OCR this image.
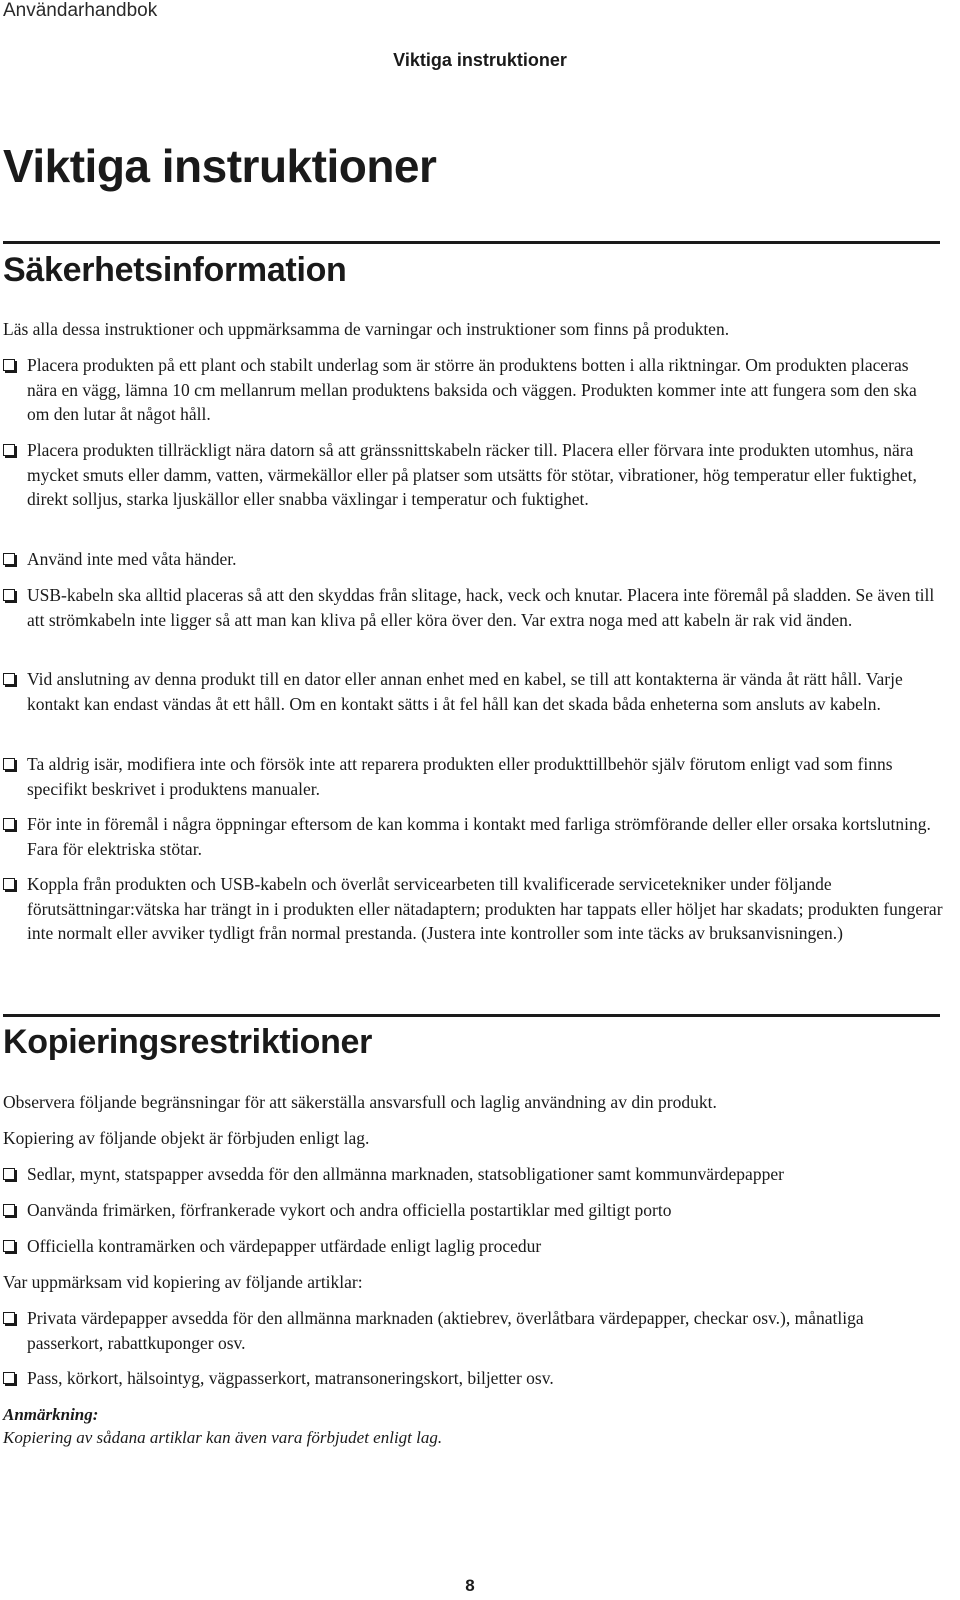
Användarhandbok
Viktiga instruktioner
Viktiga instruktioner
Säkerhetsinformation
Läs alla dessa instruktioner och uppmärksamma de varningar och instruktioner som finns på produkten.
Placera produkten på ett plant och stabilt underlag som är större än produktens botten i alla riktningar. Om produkten placeras nära en vägg, lämna 10 cm mellanrum mellan produktens baksida och väggen. Produkten kommer inte att fungera som den ska om den lutar åt något håll.
Placera produkten tillräckligt nära datorn så att gränssnittskabeln räcker till. Placera eller förvara inte produkten utomhus, nära mycket smuts eller damm, vatten, värmekällor eller på platser som utsätts för stötar, vibrationer, hög temperatur eller fuktighet, direkt solljus, starka ljuskällor eller snabba växlingar i temperatur och fuktighet.
Använd inte med våta händer.
USB-kabeln ska alltid placeras så att den skyddas från slitage, hack, veck och knutar. Placera inte föremål på sladden. Se även till att strömkabeln inte ligger så att man kan kliva på eller köra över den. Var extra noga med att kabeln är rak vid änden.
Vid anslutning av denna produkt till en dator eller annan enhet med en kabel, se till att kontakterna är vända åt rätt håll. Varje kontakt kan endast vändas åt ett håll. Om en kontakt sätts i åt fel håll kan det skada båda enheterna som ansluts av kabeln.
Ta aldrig isär, modifiera inte och försök inte att reparera produkten eller produkttillbehör själv förutom enligt vad som finns specifikt beskrivet i produktens manualer.
För inte in föremål i några öppningar eftersom de kan komma i kontakt med farliga strömförande deller eller orsaka kortslutning. Fara för elektriska stötar.
Koppla från produkten och USB-kabeln och överlåt servicearbeten till kvalificerade servicetekniker under följande förutsättningar:vätska har trängt in i produkten eller nätadaptern; produkten har tappats eller höljet har skadats; produkten fungerar inte normalt eller avviker tydligt från normal prestanda. (Justera inte kontroller som inte täcks av bruksanvisningen.)
Kopieringsrestriktioner
Observera följande begränsningar för att säkerställa ansvarsfull och laglig användning av din produkt.
Kopiering av följande objekt är förbjuden enligt lag.
Sedlar, mynt, statspapper avsedda för den allmänna marknaden, statsobligationer samt kommunvärdepapper
Oanvända frimärken, förfrankerade vykort och andra officiella postartiklar med giltigt porto
Officiella kontramärken och värdepapper utfärdade enligt laglig procedur
Var uppmärksam vid kopiering av följande artiklar:
Privata värdepapper avsedda för den allmänna marknaden (aktiebrev, överlåtbara värdepapper, checkar osv.), månatliga passerkort, rabattkuponger osv.
Pass, körkort, hälsointyg, vägpasserkort, matransoneringskort, biljetter osv.
Anmärkning:
Kopiering av sådana artiklar kan även vara förbjudet enligt lag.
8
